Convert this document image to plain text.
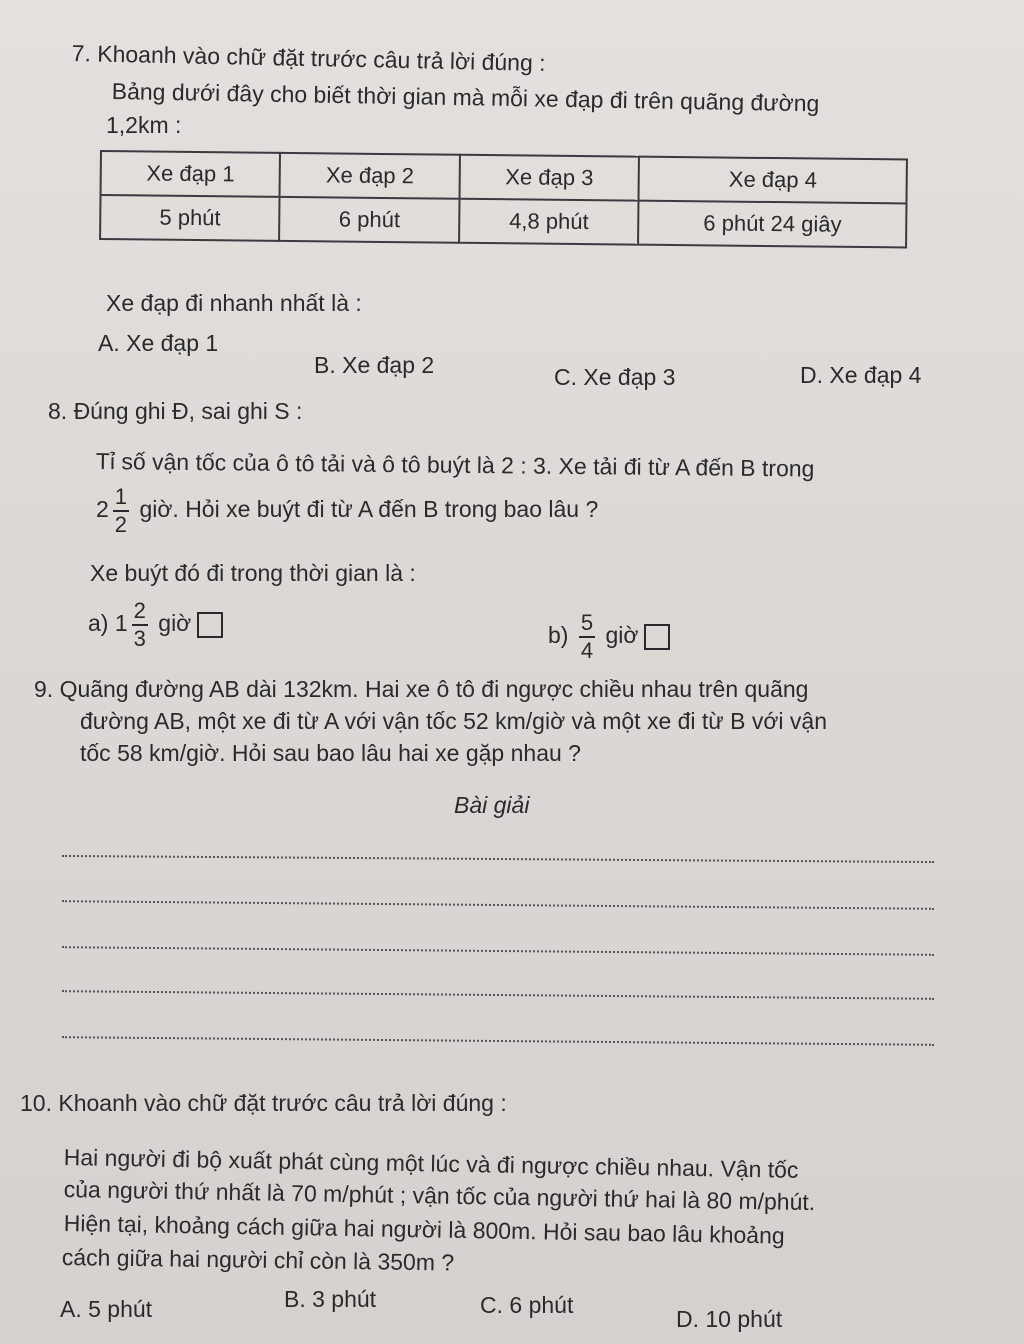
7. Khoanh vào chữ đặt trước câu trả lời đúng :
Bảng dưới đây cho biết thời gian mà mỗi xe đạp đi trên quãng đường
1,2km :
Xe đạp 1	Xe đạp 2	Xe đạp 3	Xe đạp 4
5 phút	6 phút	4,8 phút	6 phút 24 giây
Xe đạp đi nhanh nhất là :
A. Xe đạp 1
B. Xe đạp 2	C. Xe đạp 3	D. Xe đạp 4
8. Đúng ghi Đ, sai ghi S :
Tỉ số vận tốc của ô tô tải và ô tô buýt là 2 : 3. Xe tải đi từ A đến B trong
$2 \frac{1}{2}$ giờ. Hỏi xe buýt đi từ A đến B trong bao lâu ?
Xe buýt đó đi trong thời gian là :
a) $1 \frac{2}{3}$ giờ	$b) \frac{5}{4}$ giờ
9. Quãng đường AB dài 132km. Hai xe ô tô đi ngược chiều nhau trên quãng
đường AB, một xe đi từ A với vận tốc 52 km/giờ và một xe đi từ B với vận
tốc 58 km/giờ. Hỏi sau bao lâu hai xe gặp nhau ?
Bài giải
10. Khoanh vào chữ đặt trước câu trả lời đúng :
Hai người đi bộ xuất phát cùng một lúc và đi ngược chiều nhau. Vận tốc
của người thứ nhất là 70 m/phút ; vận tốc của người thứ hai là 80 m/phút.
Hiện tại, khoảng cách giữa hai người là 800m. Hỏi sau bao lâu khoảng
cách giữa hai người chỉ còn là 350m ?
A. 5 phút	B. 3 phút	C. 6 phút
D. 10 phút
